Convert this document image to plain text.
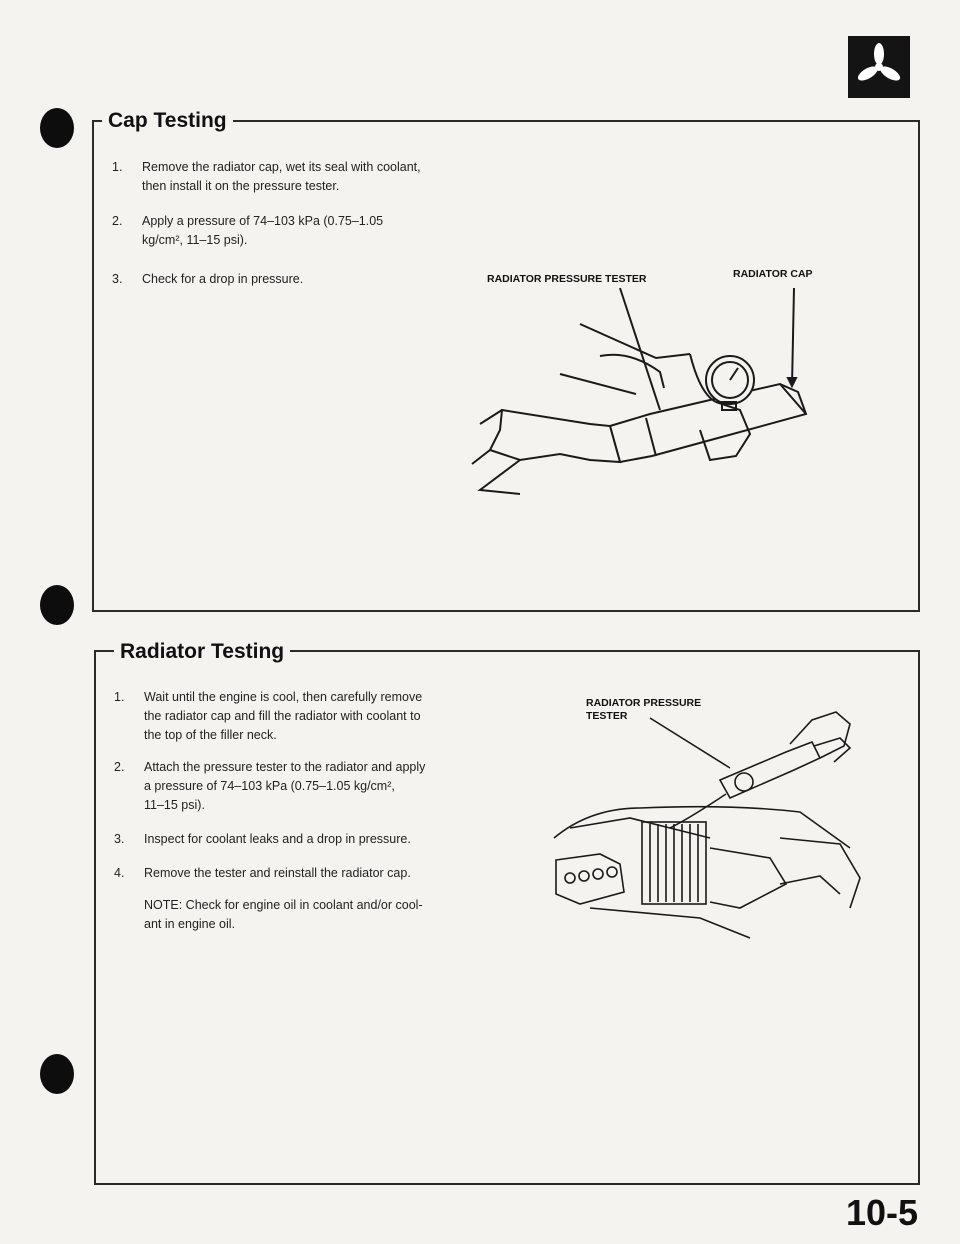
Cap Testing
1. Remove the radiator cap, wet its seal with coolant,
then install it on the pressure tester.
2. Apply a pressure of 74–103 kPa (0.75–1.05
kg/cm², 11–15 psi).
3. Check for a drop in pressure.	RADIATOR PRESSURE TESTER	RADIATOR CAP
Radiator Testing
1. Wait until the engine is cool, then carefully remove
the radiator cap and fill the radiator with coolant to
the top of the filler neck.
2. Attach the pressure tester to the radiator and apply
a pressure of 74–103 kPa (0.75–1.05 kg/cm²,
11–15 psi).
3. Inspect for coolant leaks and a drop in pressure.
4. Remove the tester and reinstall the radiator cap.
NOTE: Check for engine oil in coolant and/or cool-
ant in engine oil.
RADIATOR PRESSURE
TESTER
10-5
